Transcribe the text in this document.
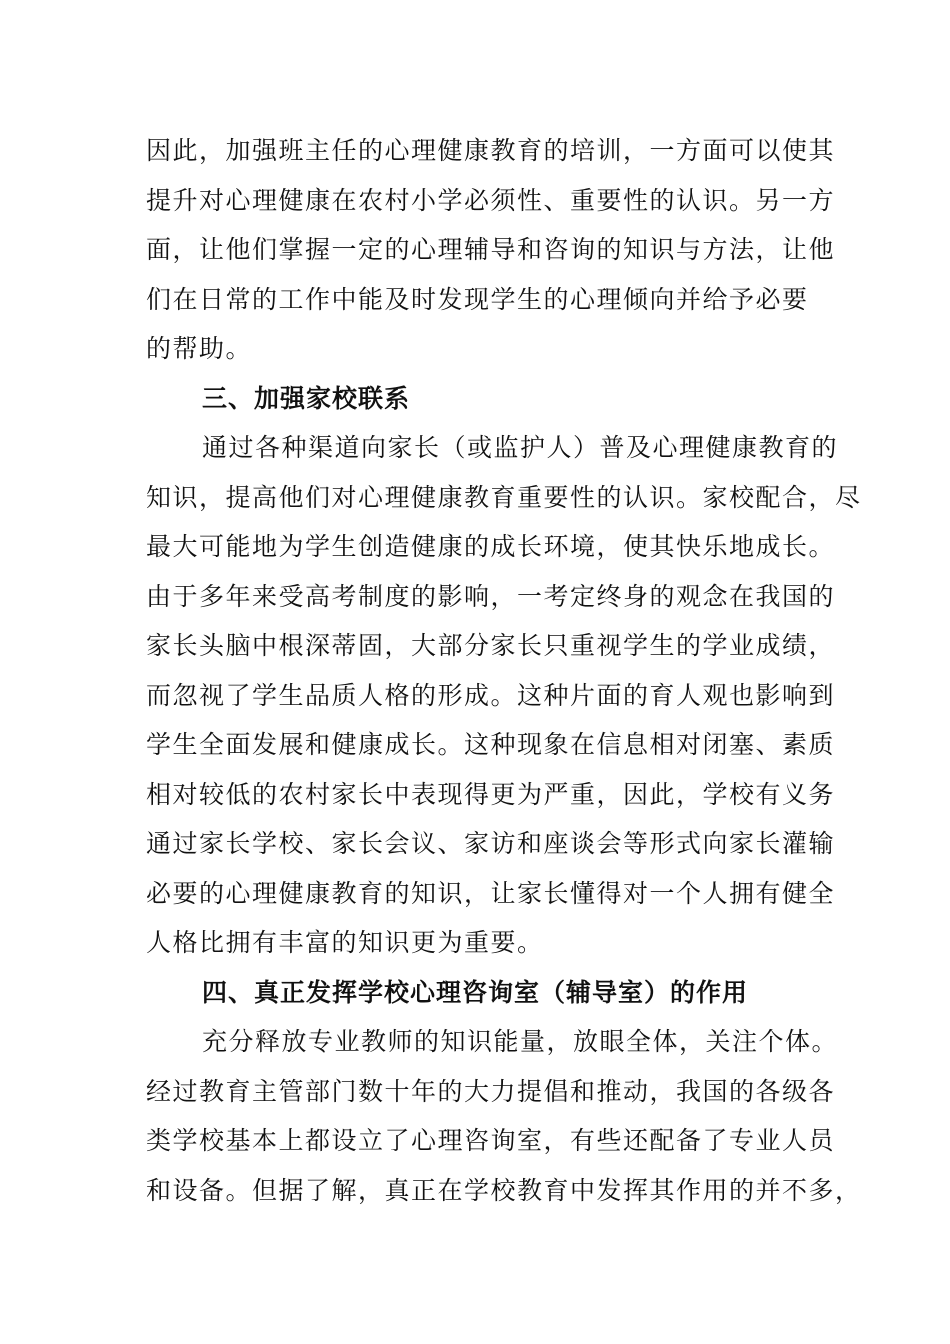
因此，加强班主任的心理健康教育的培训，一方面可以使其
提升对心理健康在农村小学必须性、重要性的认识。另一方
面，让他们掌握一定的心理辅导和咨询的知识与方法，让他
们在日常的工作中能及时发现学生的心理倾向并给予必要
的帮助。
三、加强家校联系
通过各种渠道向家长（或监护人）普及心理健康教育的
知识，提高他们对心理健康教育重要性的认识。家校配合，尽
最大可能地为学生创造健康的成长环境，使其快乐地成长。
由于多年来受高考制度的影响，一考定终身的观念在我国的
家长头脑中根深蒂固，大部分家长只重视学生的学业成绩，
而忽视了学生品质人格的形成。这种片面的育人观也影响到
学生全面发展和健康成长。这种现象在信息相对闭塞、素质
相对较低的农村家长中表现得更为严重，因此，学校有义务
通过家长学校、家长会议、家访和座谈会等形式向家长灌输
必要的心理健康教育的知识，让家长懂得对一个人拥有健全
人格比拥有丰富的知识更为重要。
四、真正发挥学校心理咨询室（辅导室）的作用
充分释放专业教师的知识能量，放眼全体，关注个体。
经过教育主管部门数十年的大力提倡和推动，我国的各级各
类学校基本上都设立了心理咨询室，有些还配备了专业人员
和设备。但据了解，真正在学校教育中发挥其作用的并不多，
